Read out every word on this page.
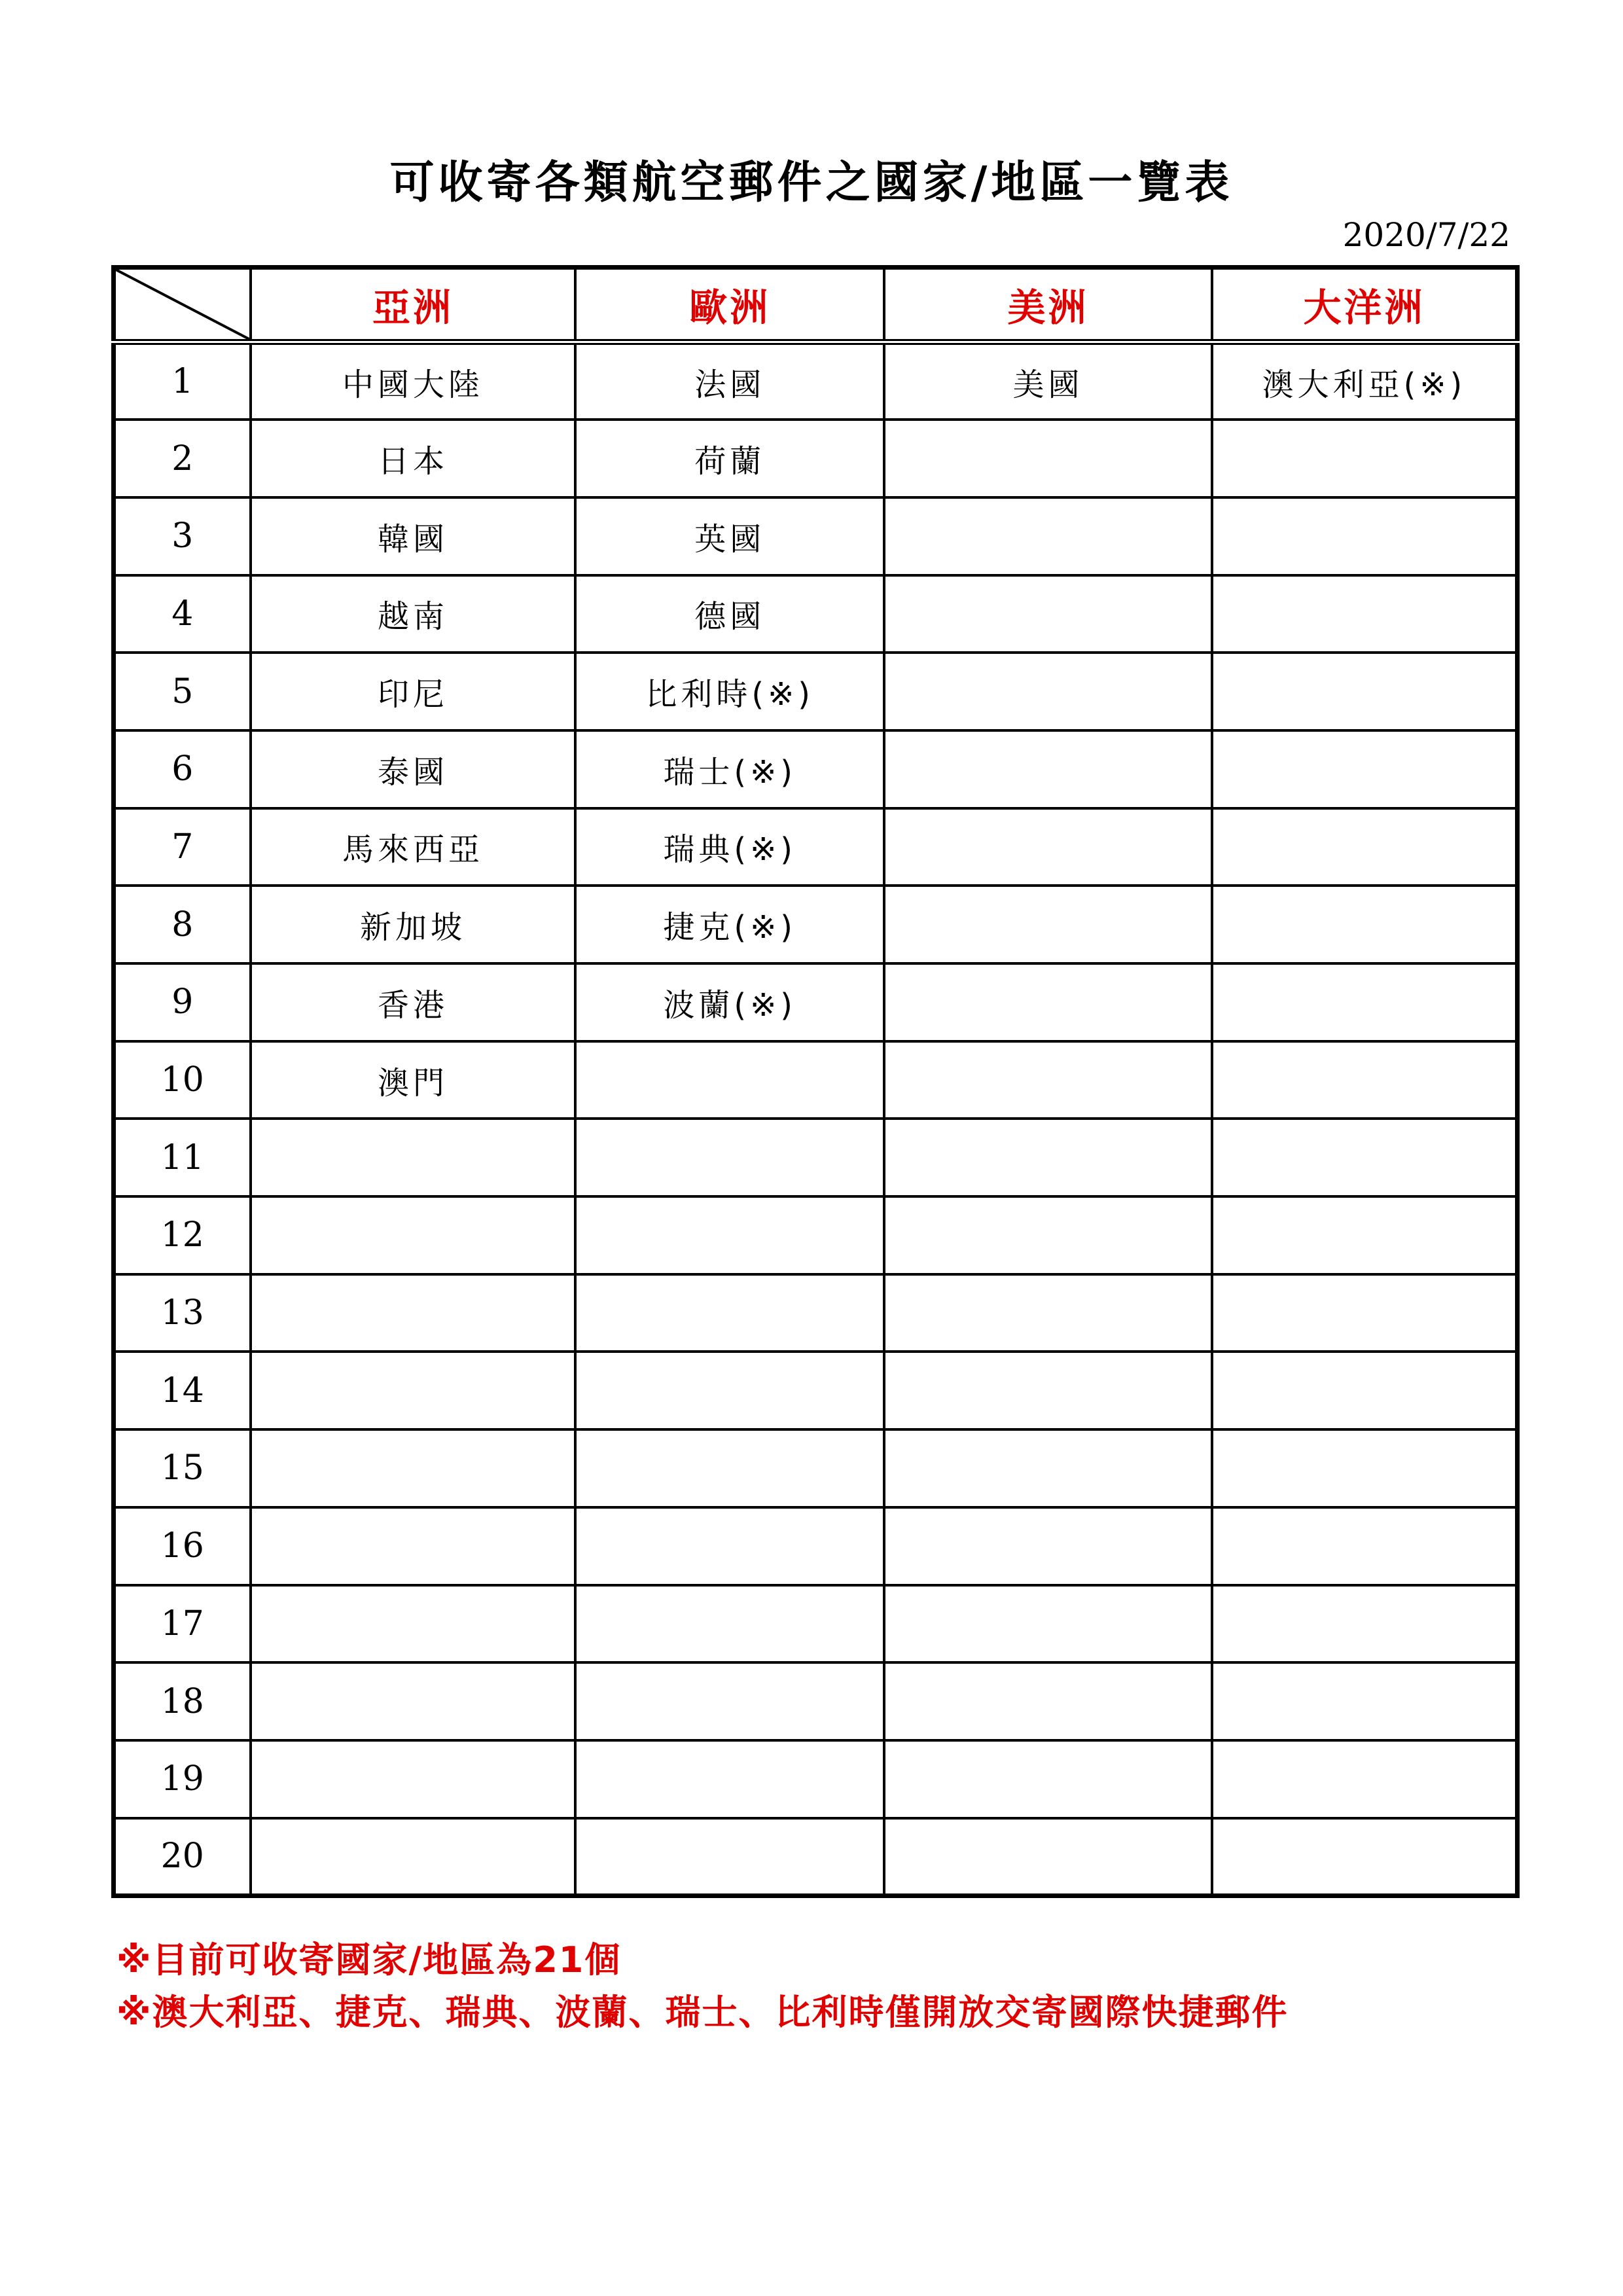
可收寄各類航空郵件之國家/地區一覽表
2020/7/22
	亞洲	歐洲	美洲	大洋洲
1	中國大陸	法國	美國	澳大利亞(※)
2	日本	荷蘭		
3	韓國	英國		
4	越南	德國		
5	印尼	比利時(※)		
6	泰國	瑞士(※)		
7	馬來西亞	瑞典(※)		
8	新加坡	捷克(※)		
9	香港	波蘭(※)		
10	澳門			
11				
12				
13				
14				
15				
16				
17				
18				
19				
20				
※目前可收寄國家/地區為21個
※澳大利亞、捷克、瑞典、波蘭、瑞士、比利時僅開放交寄國際快捷郵件
